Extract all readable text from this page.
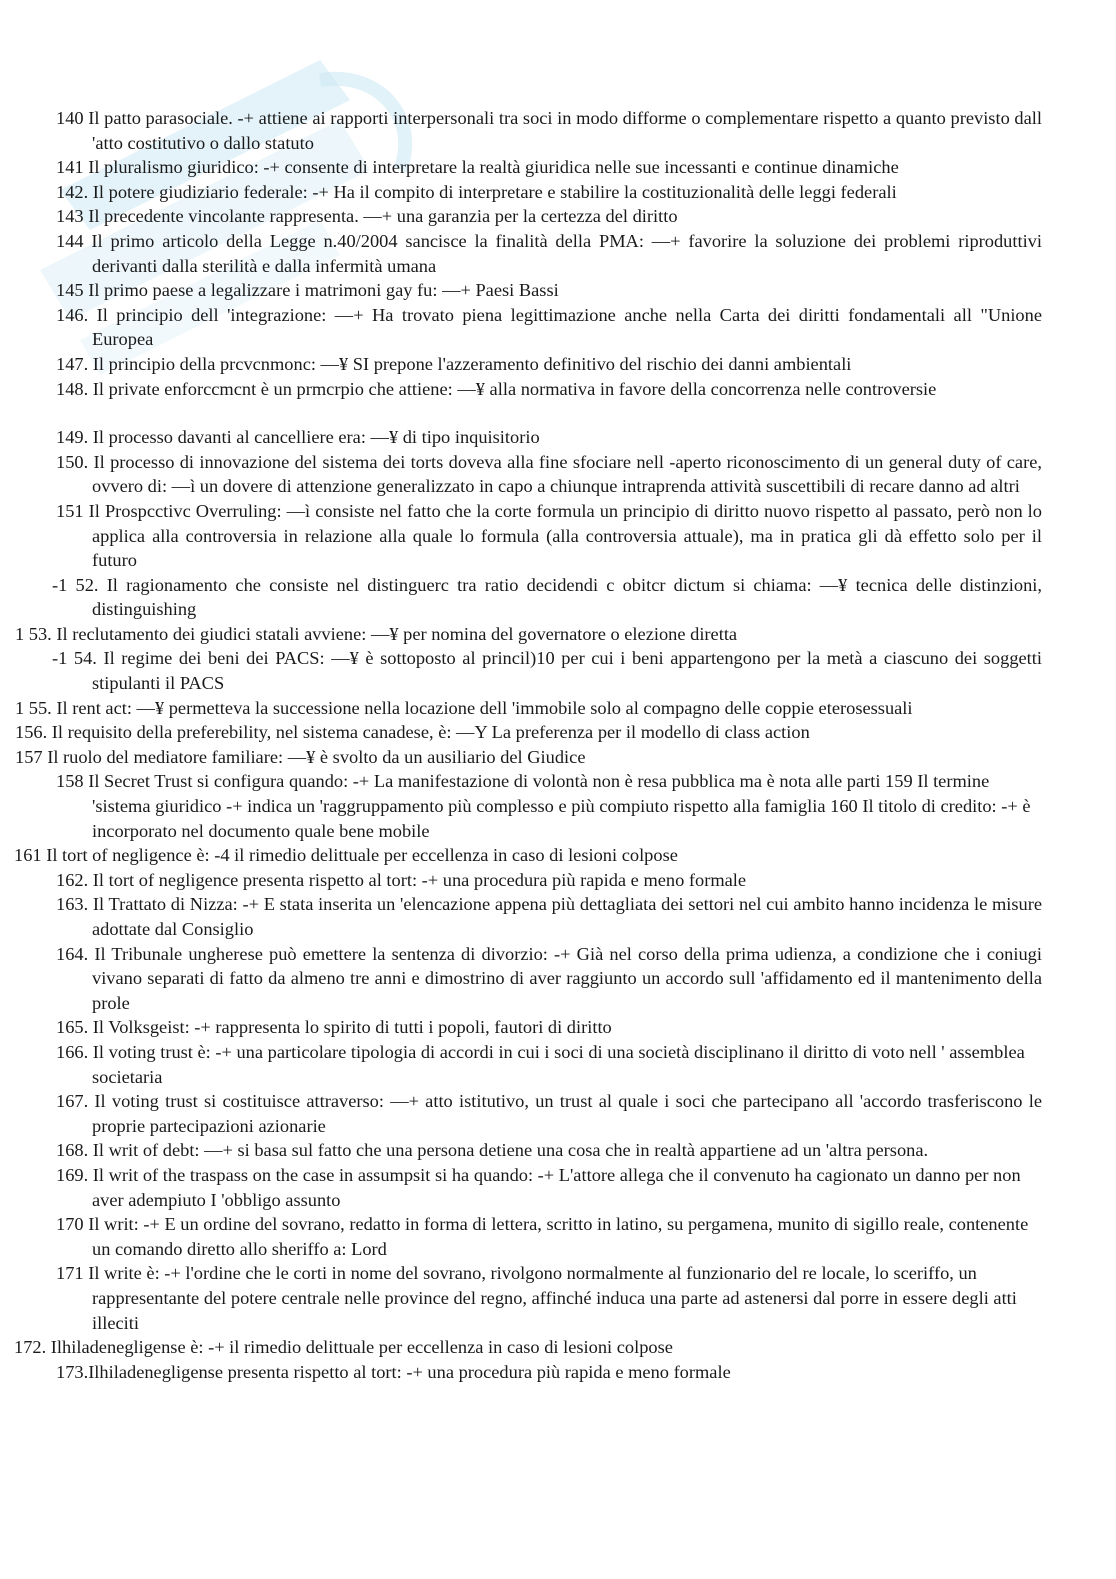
140 Il patto parasociale. -+ attiene ai rapporti interpersonali tra soci in modo difforme o complementare rispetto a quanto previsto dall 'atto costitutivo o dallo statuto
141 Il pluralismo giuridico: -+ consente di interpretare la realtà giuridica nelle sue incessanti e continue dinamiche
142. Il potere giudiziario federale: -+ Ha il compito di interpretare e stabilire la costituzionalità delle leggi federali
143 Il precedente vincolante rappresenta. —+ una garanzia per la certezza del diritto
144 Il primo articolo della Legge n.40/2004 sancisce la finalità della PMA: —+ favorire la soluzione dei problemi riproduttivi derivanti dalla sterilità e dalla infermità umana
145 Il primo paese a legalizzare i matrimoni gay fu: —+ Paesi Bassi
146. Il principio dell 'integrazione: —+ Ha trovato piena legittimazione anche nella Carta dei diritti fondamentali all "Unione Europea
147. Il principio della prcvcnmonc: —¥ SI prepone l'azzeramento definitivo del rischio dei danni ambientali
148. Il private enforccmcnt è un prmcrpio che attiene: —¥ alla normativa in favore della concorrenza nelle controversie
149. Il processo davanti al cancelliere era: —¥ di tipo inquisitorio
150. Il processo di innovazione del sistema dei torts doveva alla fine sfociare nell -aperto riconoscimento di un general duty of care, ovvero di: —ì un dovere di attenzione generalizzato in capo a chiunque intraprenda attività suscettibili di recare danno ad altri
151 Il Prospcctivc Overruling: —ì consiste nel fatto che la corte formula un principio di diritto nuovo rispetto al passato, però non lo applica alla controversia in relazione alla quale lo formula (alla controversia attuale), ma in pratica gli dà effetto solo per il futuro
-1 52. Il ragionamento che consiste nel distinguerc tra ratio decidendi c obitcr dictum si chiama: —¥ tecnica delle distinzioni, distinguishing
1 53. Il reclutamento dei giudici statali avviene: —¥ per nomina del governatore o elezione diretta
-1 54. Il regime dei beni dei PACS: —¥ è sottoposto al princil)10 per cui i beni appartengono per la metà a ciascuno dei soggetti stipulanti il PACS
1 55. Il rent act: —¥ permetteva la successione nella locazione dell 'immobile solo al compagno delle coppie eterosessuali
156. Il requisito della preferebility, nel sistema canadese, è: —Y La preferenza per il modello di class action
157 Il ruolo del mediatore familiare: —¥ è svolto da un ausiliario del Giudice
158 Il Secret Trust si configura quando: -+ La manifestazione di volontà non è resa pubblica ma è nota alle parti 159 Il termine 'sistema giuridico -+ indica un 'raggruppamento più complesso e più compiuto rispetto alla famiglia 160 Il titolo di credito: -+ è incorporato nel documento quale bene mobile
161 Il tort of negligence è: -4 il rimedio delittuale per eccellenza in caso di lesioni colpose
162. Il tort of negligence presenta rispetto al tort: -+ una procedura più rapida e meno formale
163. Il Trattato di Nizza: -+ E stata inserita un 'elencazione appena più dettagliata dei settori nel cui ambito hanno incidenza le misure adottate dal Consiglio
164. Il Tribunale ungherese può emettere la sentenza di divorzio: -+ Già nel corso della prima udienza, a condizione che i coniugi vivano separati di fatto da almeno tre anni e dimostrino di aver raggiunto un accordo sull 'affidamento ed il mantenimento della prole
165. Il Volksgeist: -+ rappresenta lo spirito di tutti i popoli, fautori di diritto
166. Il voting trust è: -+ una particolare tipologia di accordi in cui i soci di una società disciplinano il diritto di voto nell ' assemblea societaria
167. Il voting trust si costituisce attraverso: —+ atto istitutivo, un trust al quale i soci che partecipano all 'accordo trasferiscono le proprie partecipazioni azionarie
168. Il writ of debt: —+ si basa sul fatto che una persona detiene una cosa che in realtà appartiene ad un 'altra persona.
169. Il writ of the traspass on the case in assumpsit si ha quando: -+ L'attore allega che il convenuto ha cagionato un danno per non aver adempiuto I 'obbligo assunto
170 Il writ: -+ E un ordine del sovrano, redatto in forma di lettera, scritto in latino, su pergamena, munito di sigillo reale, contenente un comando diretto allo sheriffo a: Lord
171 Il write è: -+ l'ordine che le corti in nome del sovrano, rivolgono normalmente al funzionario del re locale, lo sceriffo, un rappresentante del potere centrale nelle province del regno, affinché induca una parte ad astenersi dal porre in essere degli atti illeciti
172. Ilhiladenegligense è: -+ il rimedio delittuale per eccellenza in caso di lesioni colpose
173.Ilhiladenegligense presenta rispetto al tort: -+ una procedura più rapida e meno formale
